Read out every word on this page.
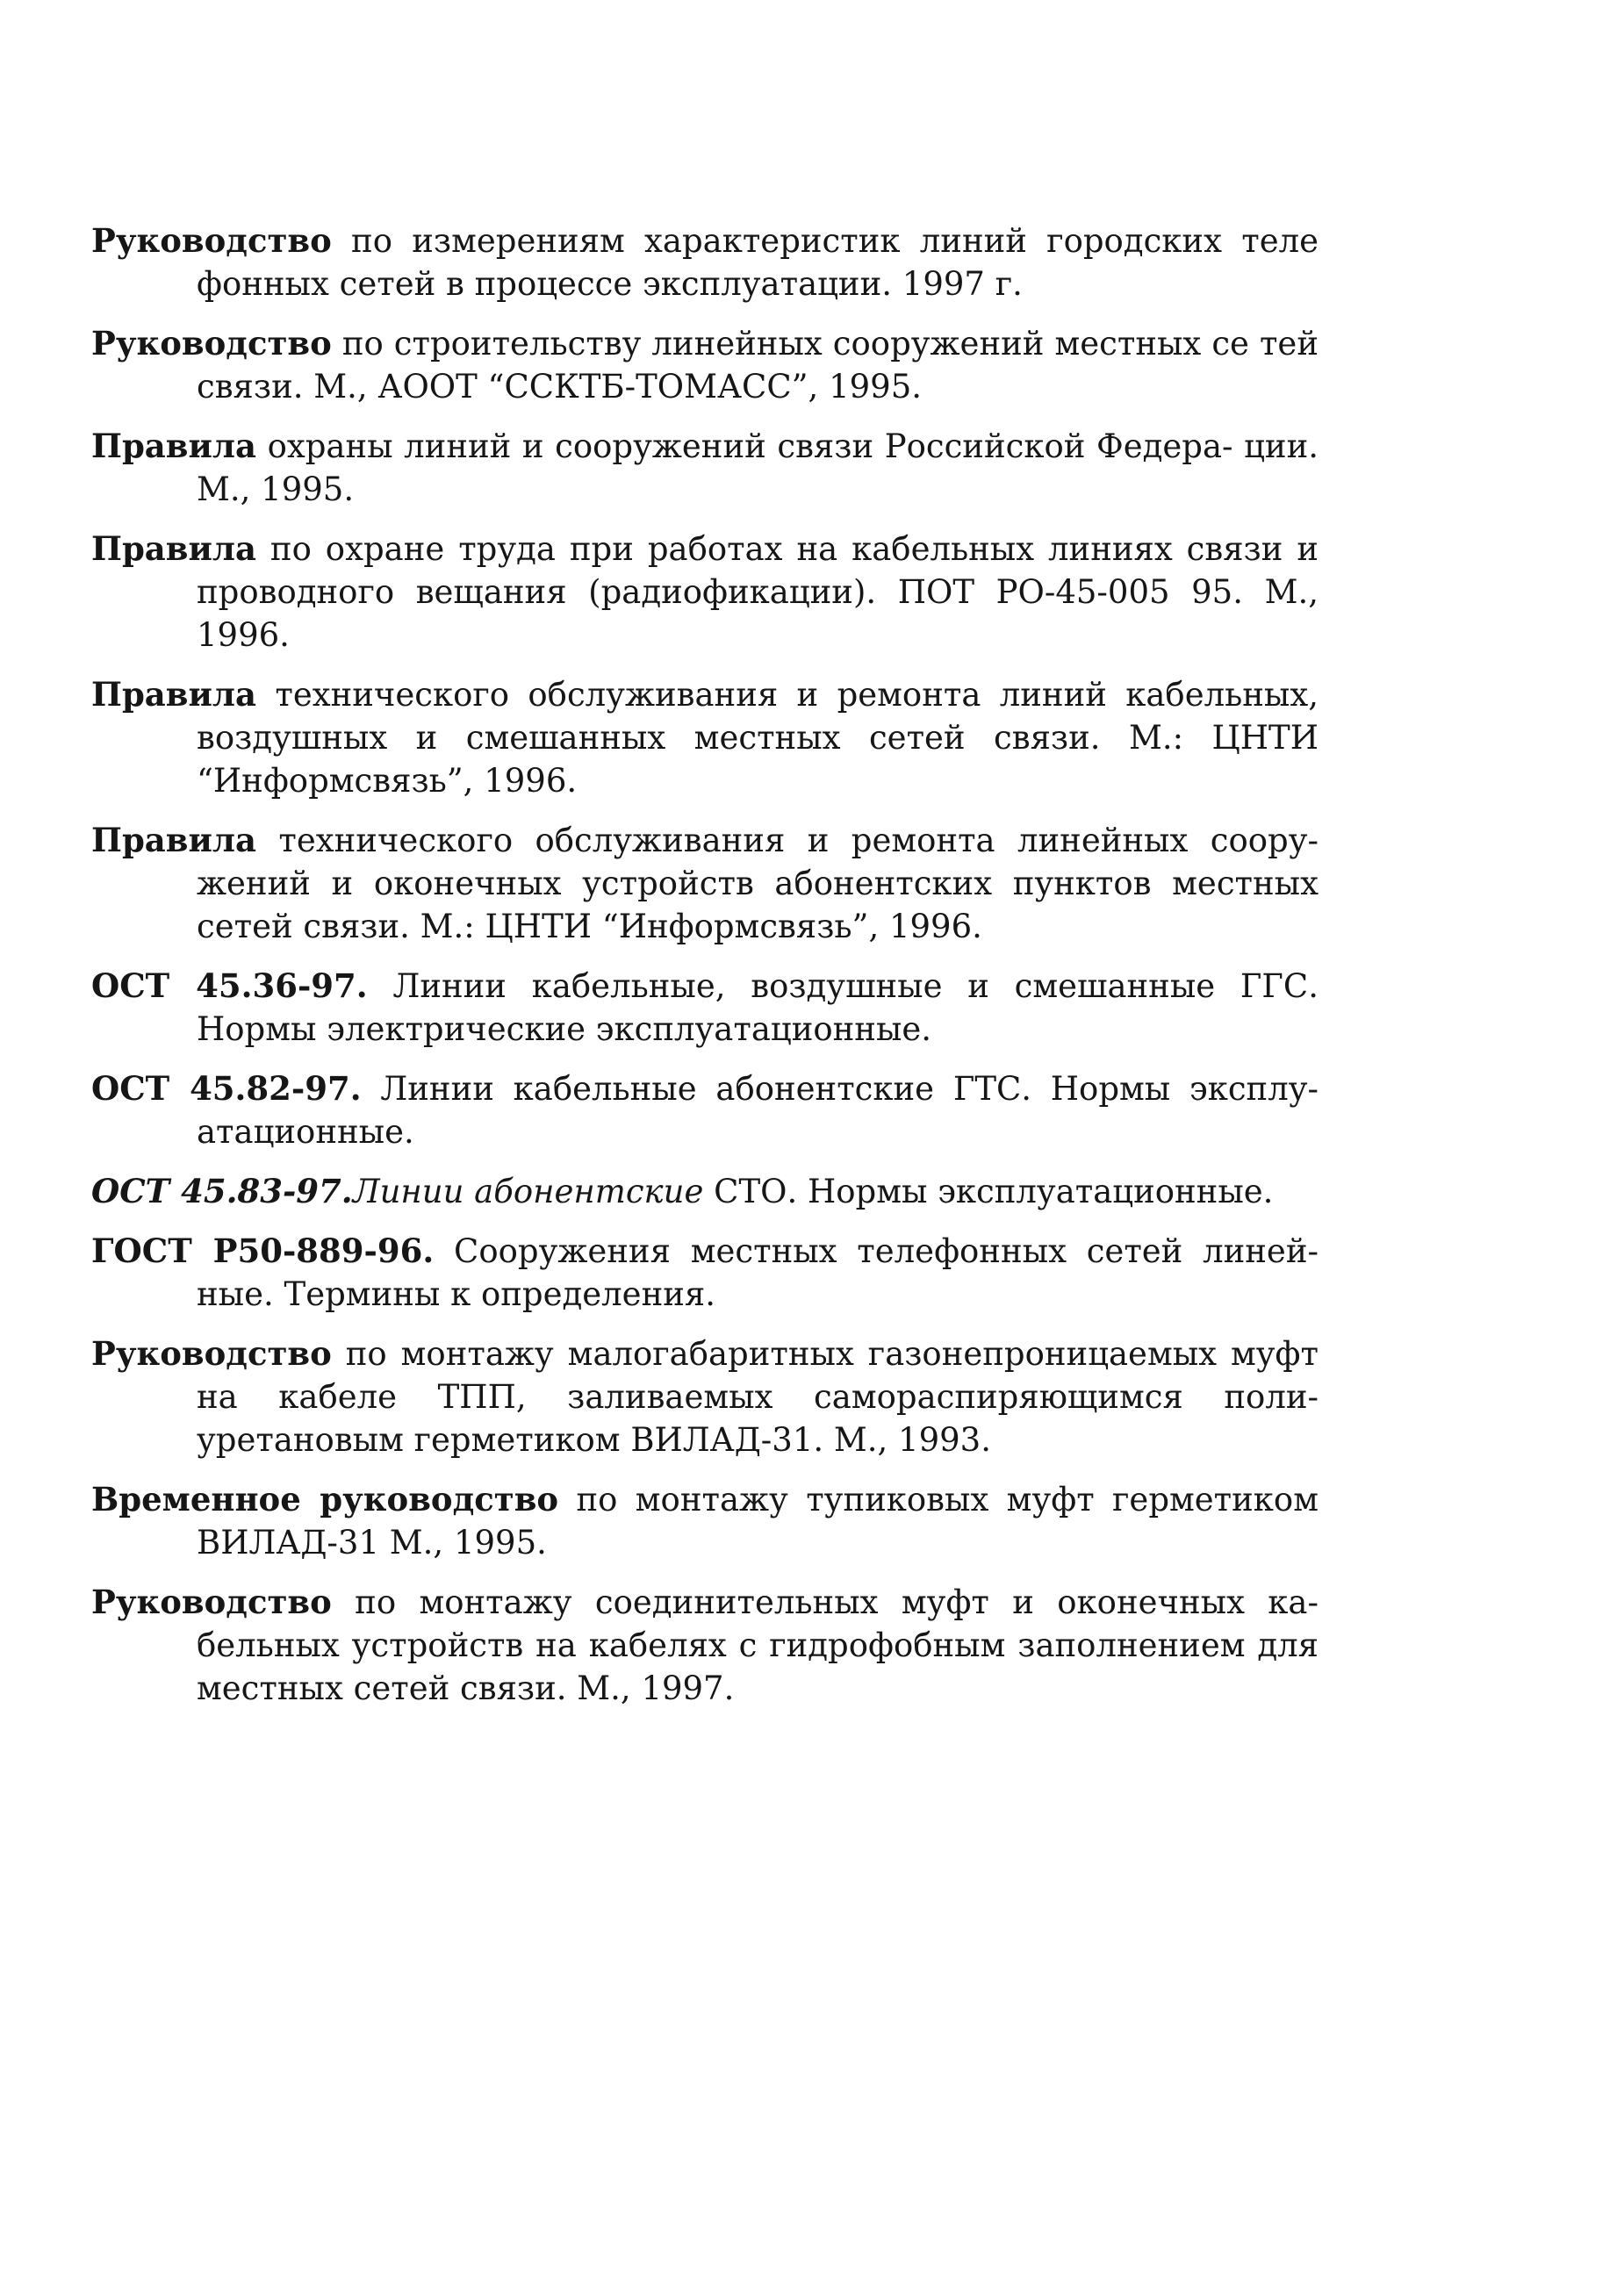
Руководство по измерениям характеристик линий городских теле фонных сетей в процессе эксплуатации. 1997 г.

Руководство по строительству линейных сооружений местных се тей связи. М., АООТ “ССКТБ-ТОМАСС”, 1995.

Правила охраны линий и сооружений связи Российской Федера- ции. М., 1995.

Правила по охране труда при работах на кабельных линиях связи и проводного вещания (радиофикации). ПОТ РО-45-005 95. М., 1996.

Правила технического обслуживания и ремонта линий кабельных, воздушных и смешанных местных сетей связи. М.: ЦНТИ “Информсвязь”, 1996.

Правила технического обслуживания и ремонта линейных соору- жений и оконечных устройств абонентских пунктов местных сетей связи. М.: ЦНТИ “Информсвязь”, 1996.

ОСТ 45.36-97. Линии кабельные, воздушные и смешанные ГГС. Нормы электрические эксплуатационные.

ОСТ 45.82-97. Линии кабельные абонентские ГТС. Нормы эксплу- атационные.

ОСТ 45.83-97.Линии абонентские СТО. Нормы эксплуатационные.

ГОСТ Р50-889-96. Сооружения местных телефонных сетей линей- ные. Термины к определения.

Руководство по монтажу малогабаритных газонепроницаемых муфт на кабеле ТПП, заливаемых самораспиряющимся поли- уретановым герметиком ВИЛАД-31. М., 1993.

Временное руководство по монтажу тупиковых муфт герметиком ВИЛАД-31 М., 1995.

Руководство по монтажу соединительных муфт и оконечных ка- бельных устройств на кабелях с гидрофобным заполнением для местных сетей связи. М., 1997.
